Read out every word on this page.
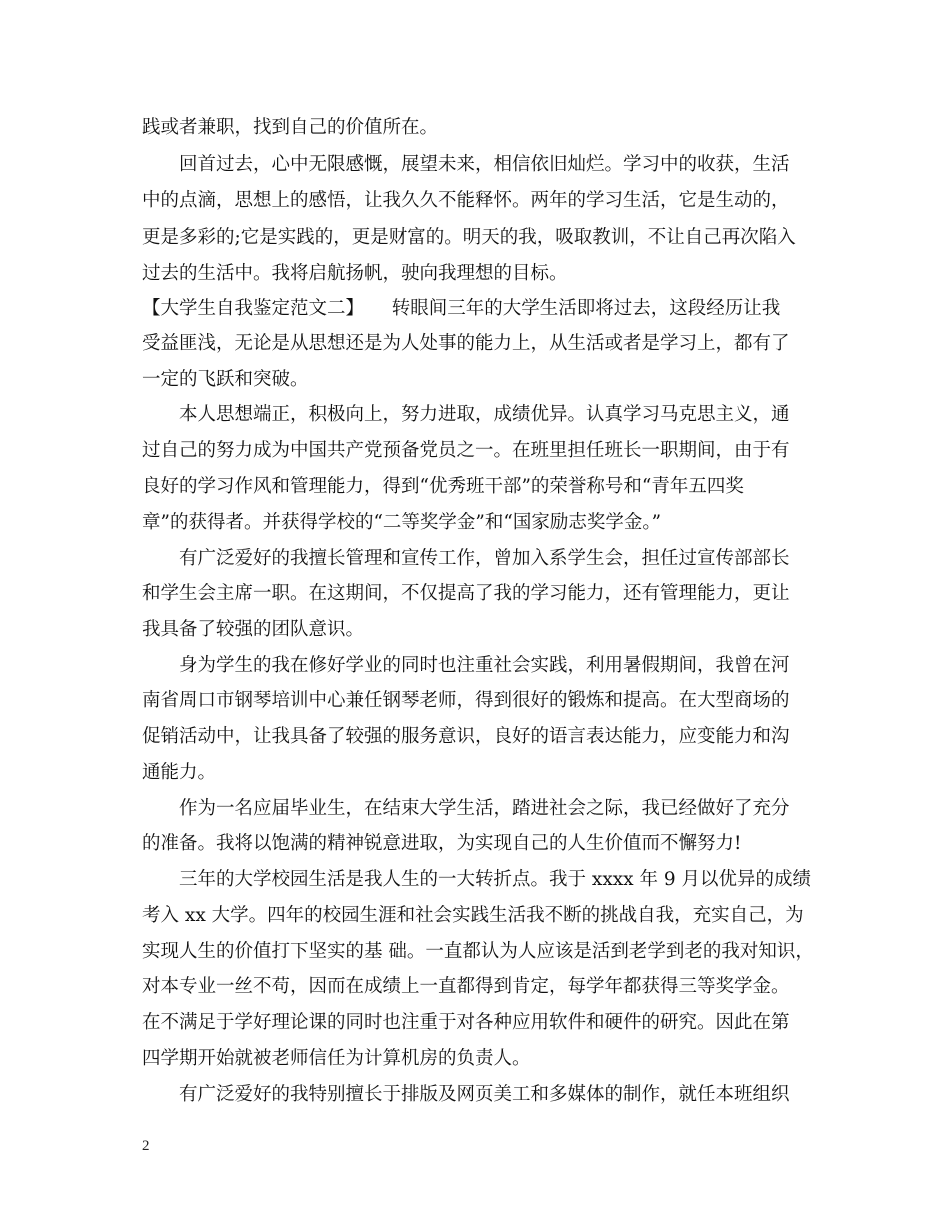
践或者兼职，找到自己的价值所在。
　　回首过去，心中无限感慨，展望未来，相信依旧灿烂。学习中的收获，生活
中的点滴，思想上的感悟，让我久久不能释怀。两年的学习生活，它是生动的，
更是多彩的;它是实践的，更是财富的。明天的我，吸取教训，不让自己再次陷入
过去的生活中。我将启航扬帆，驶向我理想的目标。
【大学生自我鉴定范文二】　　转眼间三年的大学生活即将过去，这段经历让我
受益匪浅，无论是从思想还是为人处事的能力上，从生活或者是学习上，都有了
一定的飞跃和突破。
　　本人思想端正，积极向上，努力进取，成绩优异。认真学习马克思主义，通
过自己的努力成为中国共产党预备党员之一。在班里担任班长一职期间，由于有
良好的学习作风和管理能力，得到“优秀班干部”的荣誉称号和“青年五四奖
章”的获得者。并获得学校的“二等奖学金”和“国家励志奖学金。”
　　有广泛爱好的我擅长管理和宣传工作，曾加入系学生会，担任过宣传部部长
和学生会主席一职。在这期间，不仅提高了我的学习能力，还有管理能力，更让
我具备了较强的团队意识。
　　身为学生的我在修好学业的同时也注重社会实践，利用暑假期间，我曾在河
南省周口市钢琴培训中心兼任钢琴老师，得到很好的锻炼和提高。在大型商场的
促销活动中，让我具备了较强的服务意识，良好的语言表达能力，应变能力和沟
通能力。
　　作为一名应届毕业生，在结束大学生活，踏进社会之际，我已经做好了充分
的准备。我将以饱满的精神锐意进取，为实现自己的人生价值而不懈努力!
　　三年的大学校园生活是我人生的一大转折点。我于 xxxx 年 9 月以优异的成绩
考入 xx 大学。四年的校园生涯和社会实践生活我不断的挑战自我，充实自己，为
实现人生的价值打下坚实的基 础。一直都认为人应该是活到老学到老的我对知识，
对本专业一丝不苟，因而在成绩上一直都得到肯定，每学年都获得三等奖学金。
在不满足于学好理论课的同时也注重于对各种应用软件和硬件的研究。因此在第
四学期开始就被老师信任为计算机房的负责人。
　　有广泛爱好的我特别擅长于排版及网页美工和多媒体的制作，就任本班组织
2
